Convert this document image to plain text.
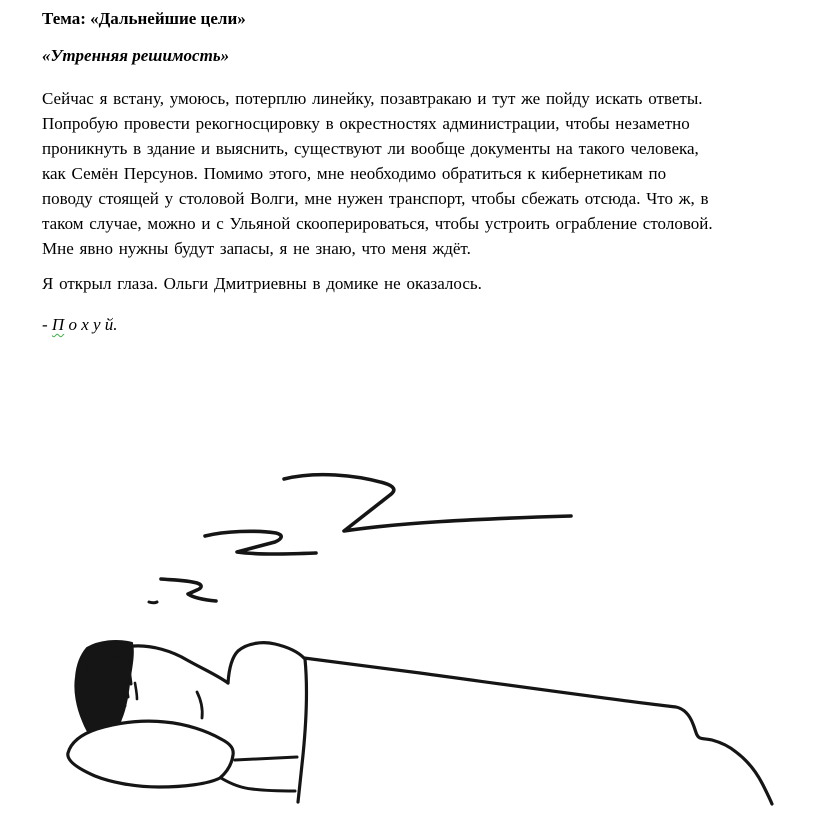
Тема: «Дальнейшие цели»
«Утренняя решимость»
Сейчас я встану, умоюсь, потерплю линейку, позавтракаю и тут же пойду искать ответы.
Попробую провести рекогносцировку в окрестностях администрации, чтобы незаметно
проникнуть в здание и выяснить, существуют ли вообще документы на такого человека,
как Семён Персунов. Помимо этого, мне необходимо обратиться к кибернетикам по
поводу стоящей у столовой Волги, мне нужен транспорт, чтобы сбежать отсюда. Что ж, в
таком случае, можно и с Ульяной скооперироваться, чтобы устроить ограбление столовой.
Мне явно нужны будут запасы, я не знаю, что меня ждёт.
Я открыл глаза. Ольги Дмитриевны в домике не оказалось.
- П о х у й.
